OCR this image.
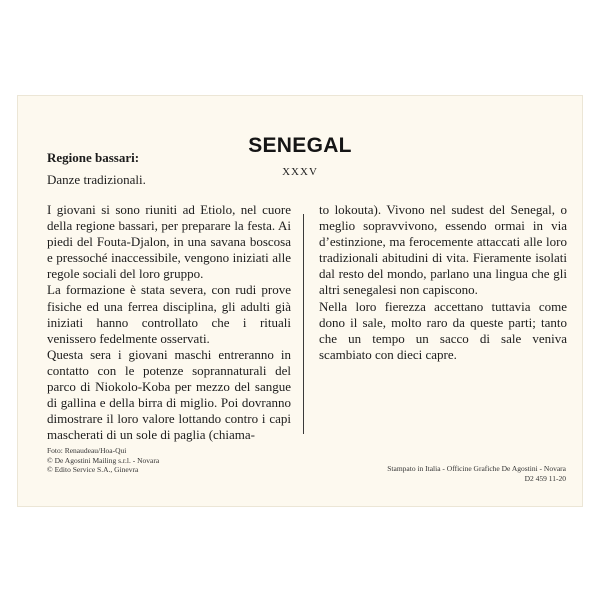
SENEGAL
XXXV
Regione bassari:
Danze tradizionali.

I giovani si sono riuniti ad Etiolo, nel cuore della regione bassari, per preparare la festa. Ai piedi del Fouta-Djalon, in una savana boscosa e pressoché inaccessibile, vengono iniziati alle regole sociali del loro gruppo.

La formazione è stata severa, con rudi prove fisiche ed una ferrea disciplina, gli adulti già iniziati hanno controllato che i rituali venissero fedelmente osservati.

Questa sera i giovani maschi entreranno in contatto con le potenze soprannaturali del parco di Niokolo-Koba per mezzo del sangue di gallina e della birra di miglio. Poi dovranno dimostrare il loro valore lottando contro i capi mascherati di un sole di paglia (chiama-

to lokouta). Vivono nel sudest del Senegal, o meglio sopravvivono, essendo ormai in via d’estinzione, ma ferocemente attaccati alle loro tradizionali abitudini di vita. Fieramente isolati dal resto del mondo, parlano una lingua che gli altri senegalesi non capiscono.

Nella loro fierezza accettano tuttavia come dono il sale, molto raro da queste parti; tanto che un tempo un sacco di sale veniva scambiato con dieci capre.

Foto: Renaudeau/Hoa-Qui
© De Agostini Mailing s.r.l. - Novara
© Edito Service S.A., Ginevra	Stampato in Italia - Officine Grafiche De Agostini - Novara
D2 459 11-20
